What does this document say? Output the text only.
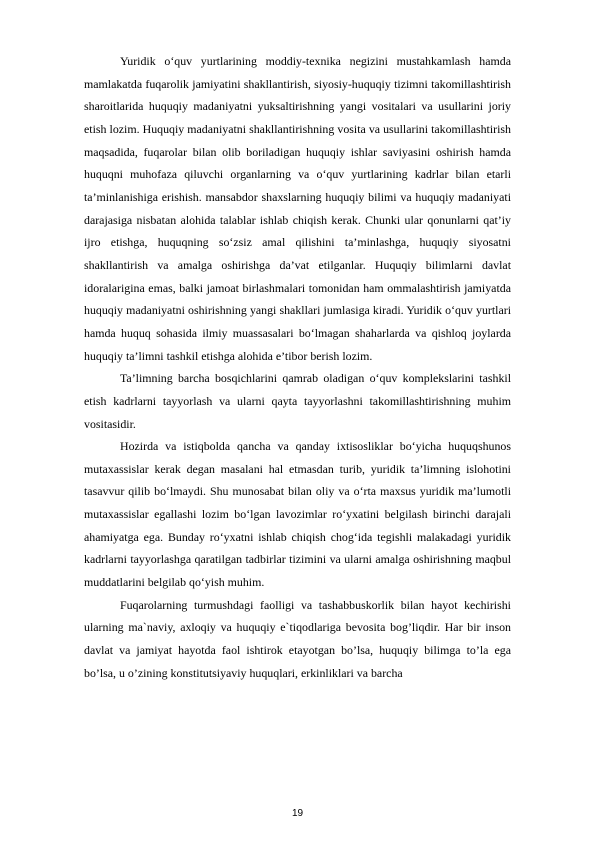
Yuridik o‘quv yurtlarining moddiy-texnika negizini mustahkamlash hamda mamlakatda fuqarolik jamiyatini shakllantirish, siyosiy-huquqiy tizimni takomillashtirish sharoitlarida huquqiy madaniyatni yuksaltirishning yangi vositalari va usullarini joriy etish lozim. Huquqiy madaniyatni shakllantirishning vosita va usullarini takomillashtirish maqsadida, fuqarolar bilan olib boriladigan huquqiy ishlar saviyasini oshirish hamda huquqni muhofaza qiluvchi organlarning va o‘quv yurtlarining kadrlar bilan etarli ta’minlanishiga erishish. mansabdor shaxslarning huquqiy bilimi va huquqiy madaniyati darajasiga nisbatan alohida talablar ishlab chiqish kerak. Chunki ular qonunlarni qat’iy ijro etishga, huquqning so‘zsiz amal qilishini ta’minlashga, huquqiy siyosatni shakllantirish va amalga oshirishga da’vat etilganlar. Huquqiy bilimlarni davlat idoralarigina emas, balki jamoat birlashmalari tomonidan ham ommalashtirish jamiyatda huquqiy madaniyatni oshirishning yangi shakllari jumlasiga kiradi. Yuridik o‘quv yurtlari hamda huquq sohasida ilmiy muassasalari bo‘lmagan shaharlarda va qishloq joylarda huquqiy ta’limni tashkil etishga alohida e’tibor berish lozim.

Ta’limning barcha bosqichlarini qamrab oladigan o‘quv komplekslarini tashkil etish kadrlarni tayyorlash va ularni qayta tayyorlashni takomillashtirishning muhim vositasidir.

Hozirda va istiqbolda qancha va qanday ixtisosliklar bo‘yicha huquqshunos mutaxassislar kerak degan masalani hal etmasdan turib, yuridik ta’limning islohotini tasavvur qilib bo‘lmaydi. Shu munosabat bilan oliy va o‘rta maxsus yuridik ma’lumotli mutaxassislar egallashi lozim bo‘lgan lavozimlar ro‘yxatini belgilash birinchi darajali ahamiyatga ega. Bunday ro‘yxatni ishlab chiqish chog‘ida tegishli malakadagi yuridik kadrlarni tayyorlashga qaratilgan tadbirlar tizimini va ularni amalga oshirishning maqbul muddatlarini belgilab qo‘yish muhim.

Fuqarolarning turmushdagi faolligi va tashabbuskorlik bilan hayot kechirishi ularning ma`naviy, axloqiy va huquqiy e`tiqodlariga bevosita bog’liqdir. Har bir inson davlat va jamiyat hayotda faol ishtirok etayotgan bo’lsa, huquqiy bilimga to’la ega bo’lsa, u o’zining konstitutsiyaviy huquqlari, erkinliklari va barcha

19
